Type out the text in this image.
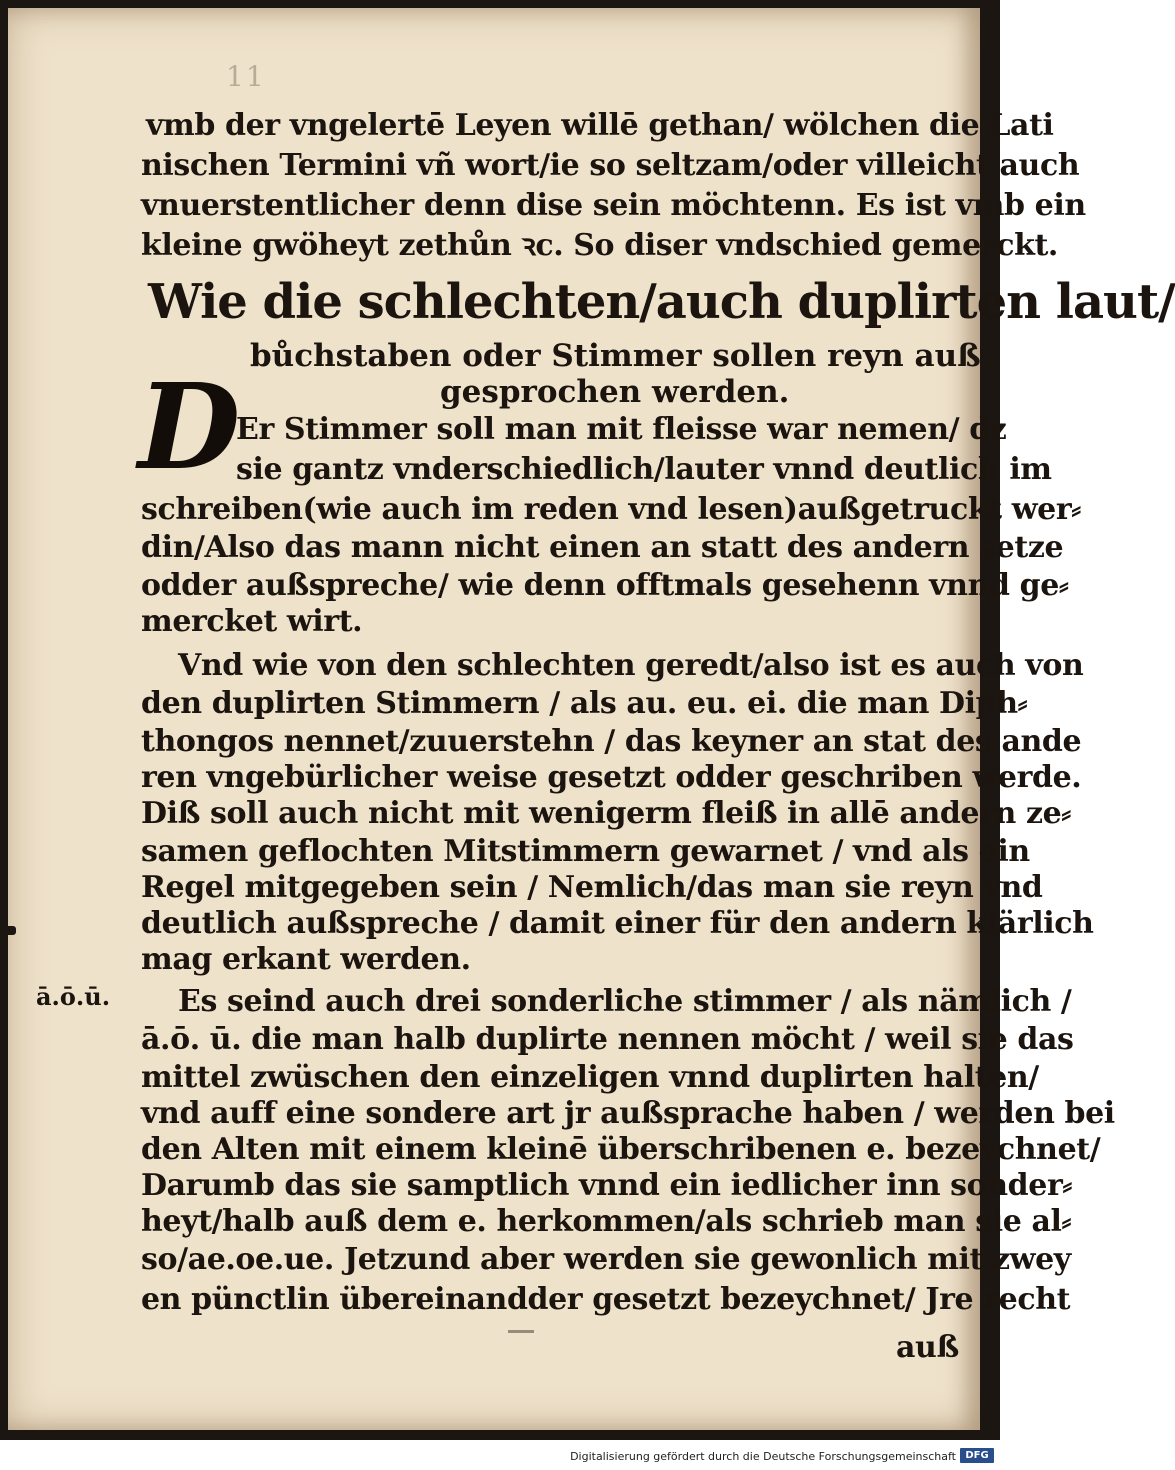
11
vmb der vngelertē Leyen willē gethan/ wölchen die Lati
nischen Termini vñ wort/ie so seltzam/oder villeicht auch
vnuerstentlicher denn dise sein möchtenn. Es ist vmb ein
kleine gwöheyt zethůn ꝛc. So diser vndschied gemerckt.
Wie die schlechten/auch duplirten laut/
bůchstaben oder Stimmer sollen reyn auß
gesprochen werden.
D
Er Stimmer soll man mit fleisse war nemen/ dz
sie gantz vnderschiedlich/lauter vnnd deutlich im
schreiben(wie auch im reden vnd lesen)außgetruckt wer⸗
din/Also das mann nicht einen an statt des andern setze
odder außspreche/ wie denn offtmals gesehenn vnnd ge⸗
mercket wirt.
Vnd wie von den schlechten geredt/also ist es auch von
den duplirten Stimmern / als au. eu. ei. die man Diph⸗
thongos nennet/zuuerstehn / das keyner an stat des ande
ren vngebürlicher weise gesetzt odder geschriben werde.
Diß soll auch nicht mit wenigerm fleiß in allē andern ze⸗
samen geflochten Mitstimmern gewarnet / vnd als ein
Regel mitgegeben sein / Nemlich/das man sie reyn vnd
deutlich außspreche / damit einer für den andern klärlich
mag erkant werden.
ā.ō.ū. Es seind auch drei sonderliche stimmer / als nämlich /
ā.ō. ū. die man halb duplirte nennen möcht / weil sie das
mittel zwüschen den einzeligen vnnd duplirten halten/
vnd auff eine sondere art jr außsprache haben / werden bei
den Alten mit einem kleinē überschribenen e. bezeychnet/
Darumb das sie samptlich vnnd ein iedlicher inn sonder⸗
heyt/halb auß dem e. herkommen/als schrieb man sie al⸗
so/ae.oe.ue. Jetzund aber werden sie gewonlich mit zwey
en pünctlin übereinandder gesetzt bezeychnet/ Jre recht
auß
Digitalisierung gefördert durch die Deutsche Forschungsgemeinschaft DFG
